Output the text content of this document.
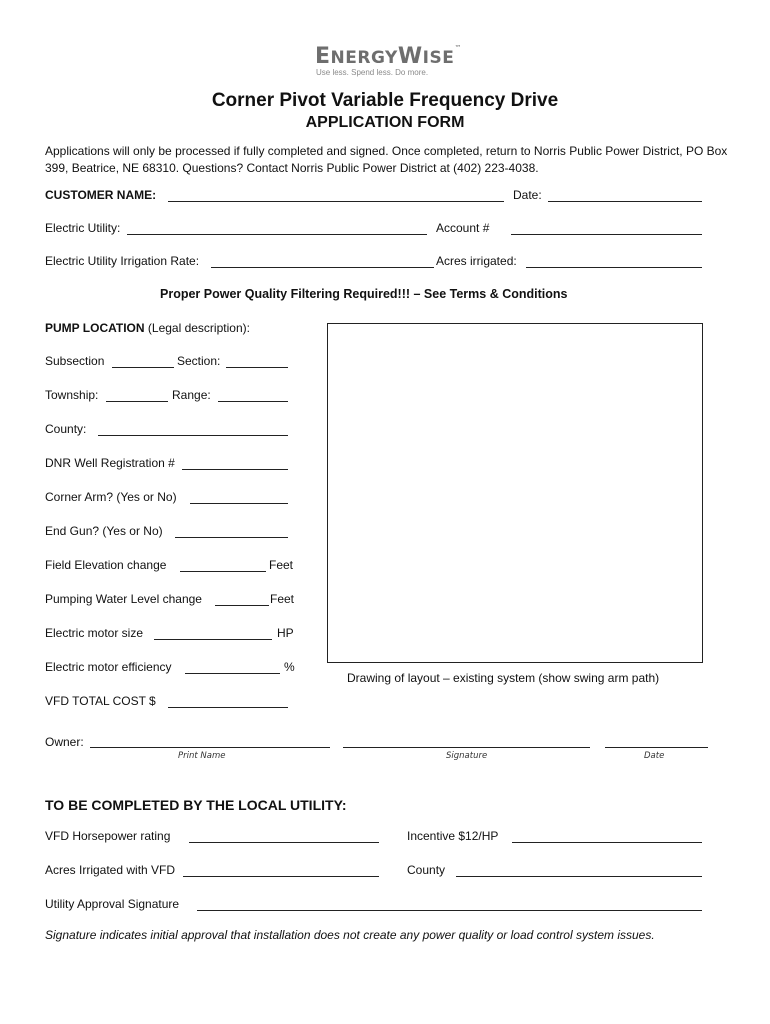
ENERGYWISE™
Use less. Spend less. Do more.
Corner Pivot Variable Frequency Drive
APPLICATION FORM
Applications will only be processed if fully completed and signed. Once completed, return to Norris Public Power District, PO Box 399, Beatrice, NE 68310. Questions? Contact Norris Public Power District at (402) 223-4038.
CUSTOMER NAME:	Date:
Electric Utility:	Account #
Electric Utility Irrigation Rate:	Acres irrigated:
Proper Power Quality Filtering Required!!! – See Terms & Conditions
PUMP LOCATION (Legal description):
Subsection	Section:
Township:	Range:
County:
DNR Well Registration #
Corner Arm? (Yes or No)
End Gun? (Yes or No)
Field Elevation change	Feet
Pumping Water Level change	Feet
Electric motor size	HP
Electric motor efficiency	%
VFD TOTAL COST $
Drawing of layout – existing system (show swing arm path)
Owner:
Print Name	Signature	Date
TO BE COMPLETED BY THE LOCAL UTILITY:
VFD Horsepower rating	Incentive $12/HP
Acres Irrigated with VFD	County
Utility Approval Signature
Signature indicates initial approval that installation does not create any power quality or load control system issues.
